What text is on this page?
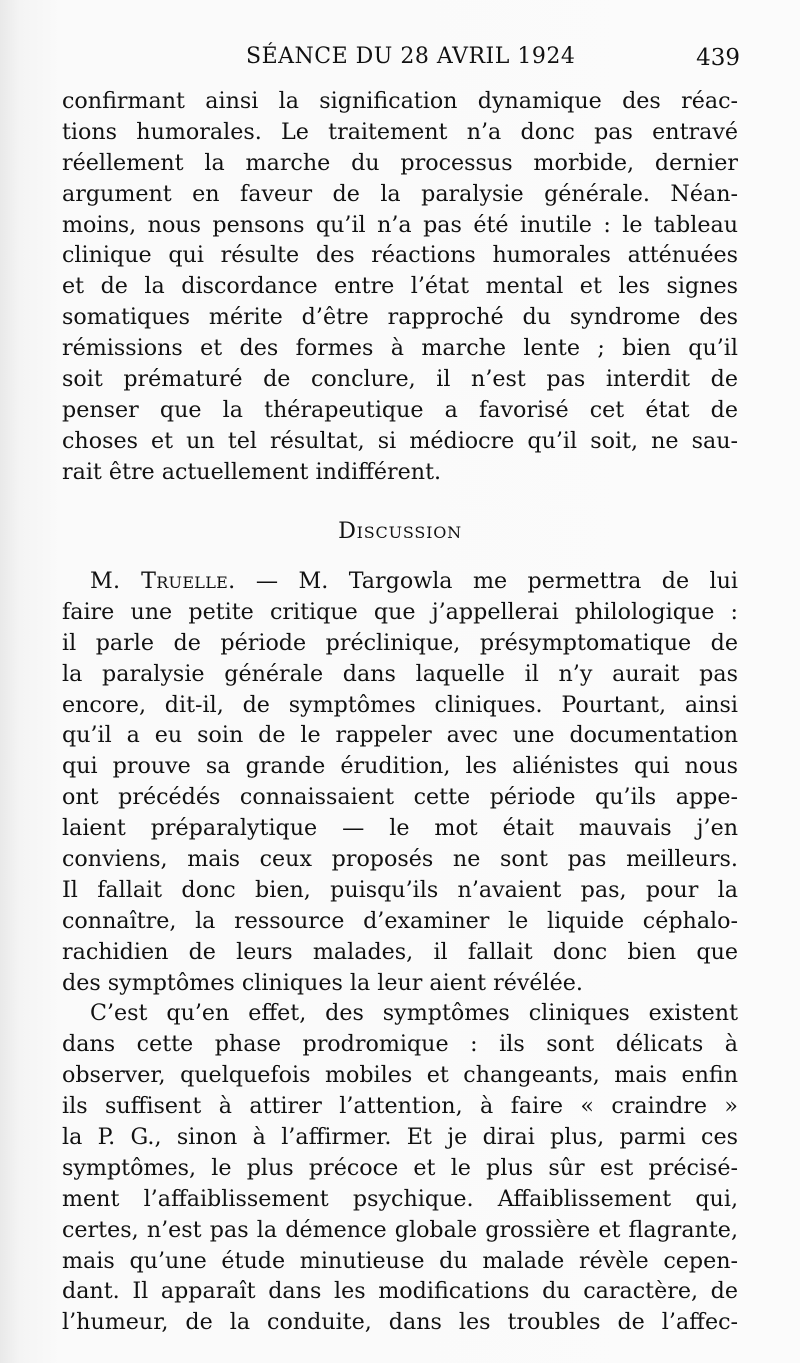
SÉANCE DU 28 AVRIL 1924	439
confirmant ainsi la signification dynamique des réac-
tions humorales. Le traitement n’a donc pas entravé
réellement la marche du processus morbide, dernier
argument en faveur de la paralysie générale. Néan-
moins, nous pensons qu’il n’a pas été inutile : le tableau
clinique qui résulte des réactions humorales atténuées
et de la discordance entre l’état mental et les signes
somatiques mérite d’être rapproché du syndrome des
rémissions et des formes à marche lente ; bien qu’il
soit prématuré de conclure, il n’est pas interdit de
penser que la thérapeutique a favorisé cet état de
choses et un tel résultat, si médiocre qu’il soit, ne sau-
rait être actuellement indifférent.
Discussion
M. Truelle. — M. Targowla me permettra de lui
faire une petite critique que j’appellerai philologique :
il parle de période préclinique, présymptomatique de
la paralysie générale dans laquelle il n’y aurait pas
encore, dit-il, de symptômes cliniques. Pourtant, ainsi
qu’il a eu soin de le rappeler avec une documentation
qui prouve sa grande érudition, les aliénistes qui nous
ont précédés connaissaient cette période qu’ils appe-
laient préparalytique — le mot était mauvais j’en
conviens, mais ceux proposés ne sont pas meilleurs.
Il fallait donc bien, puisqu’ils n’avaient pas, pour la
connaître, la ressource d’examiner le liquide céphalo-
rachidien de leurs malades, il fallait donc bien que
des symptômes cliniques la leur aient révélée.
C’est qu’en effet, des symptômes cliniques existent
dans cette phase prodromique : ils sont délicats à
observer, quelquefois mobiles et changeants, mais enfin
ils suffisent à attirer l’attention, à faire « craindre »
la P. G., sinon à l’affirmer. Et je dirai plus, parmi ces
symptômes, le plus précoce et le plus sûr est précisé-
ment l’affaiblissement psychique. Affaiblissement qui,
certes, n’est pas la démence globale grossière et flagrante,
mais qu’une étude minutieuse du malade révèle cepen-
dant. Il apparaît dans les modifications du caractère, de
l’humeur, de la conduite, dans les troubles de l’affec-
